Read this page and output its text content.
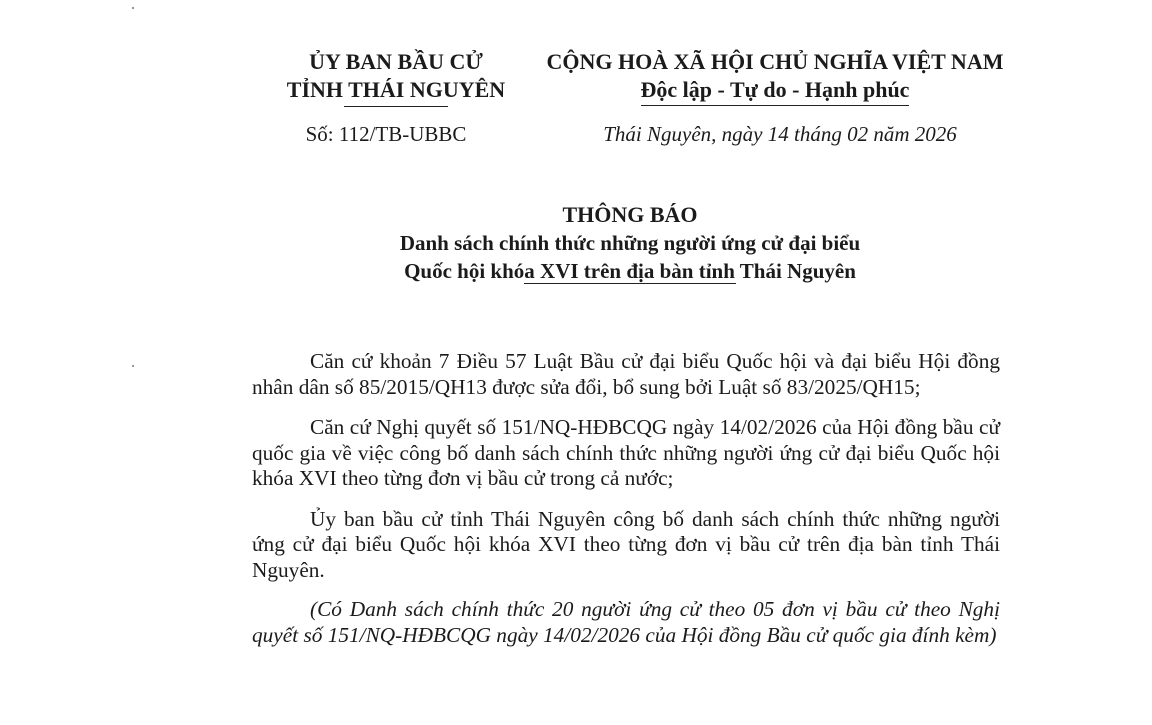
ỦY BAN BẦU CỬ
TỈNH THÁI NGUYÊN
CỘNG HOÀ XÃ HỘI CHỦ NGHĨA VIỆT NAM
Độc lập - Tự do - Hạnh phúc
Số: 112/TB-UBBC	Thái Nguyên, ngày 14 tháng 02 năm 2026
THÔNG BÁO
Danh sách chính thức những người ứng cử đại biểu
Quốc hội khóa XVI trên địa bàn tỉnh Thái Nguyên

Căn cứ khoản 7 Điều 57 Luật Bầu cử đại biểu Quốc hội và đại biểu Hội đồng nhân dân số 85/2015/QH13 được sửa đổi, bổ sung bởi Luật số 83/2025/QH15;

Căn cứ Nghị quyết số 151/NQ-HĐBCQG ngày 14/02/2026 của Hội đồng bầu cử quốc gia về việc công bố danh sách chính thức những người ứng cử đại biểu Quốc hội khóa XVI theo từng đơn vị bầu cử trong cả nước;

Ủy ban bầu cử tỉnh Thái Nguyên công bố danh sách chính thức những người ứng cử đại biểu Quốc hội khóa XVI theo từng đơn vị bầu cử trên địa bàn tỉnh Thái Nguyên.

(Có Danh sách chính thức 20 người ứng cử theo 05 đơn vị bầu cử theo Nghị quyết số 151/NQ-HĐBCQG ngày 14/02/2026 của Hội đồng Bầu cử quốc gia đính kèm)
